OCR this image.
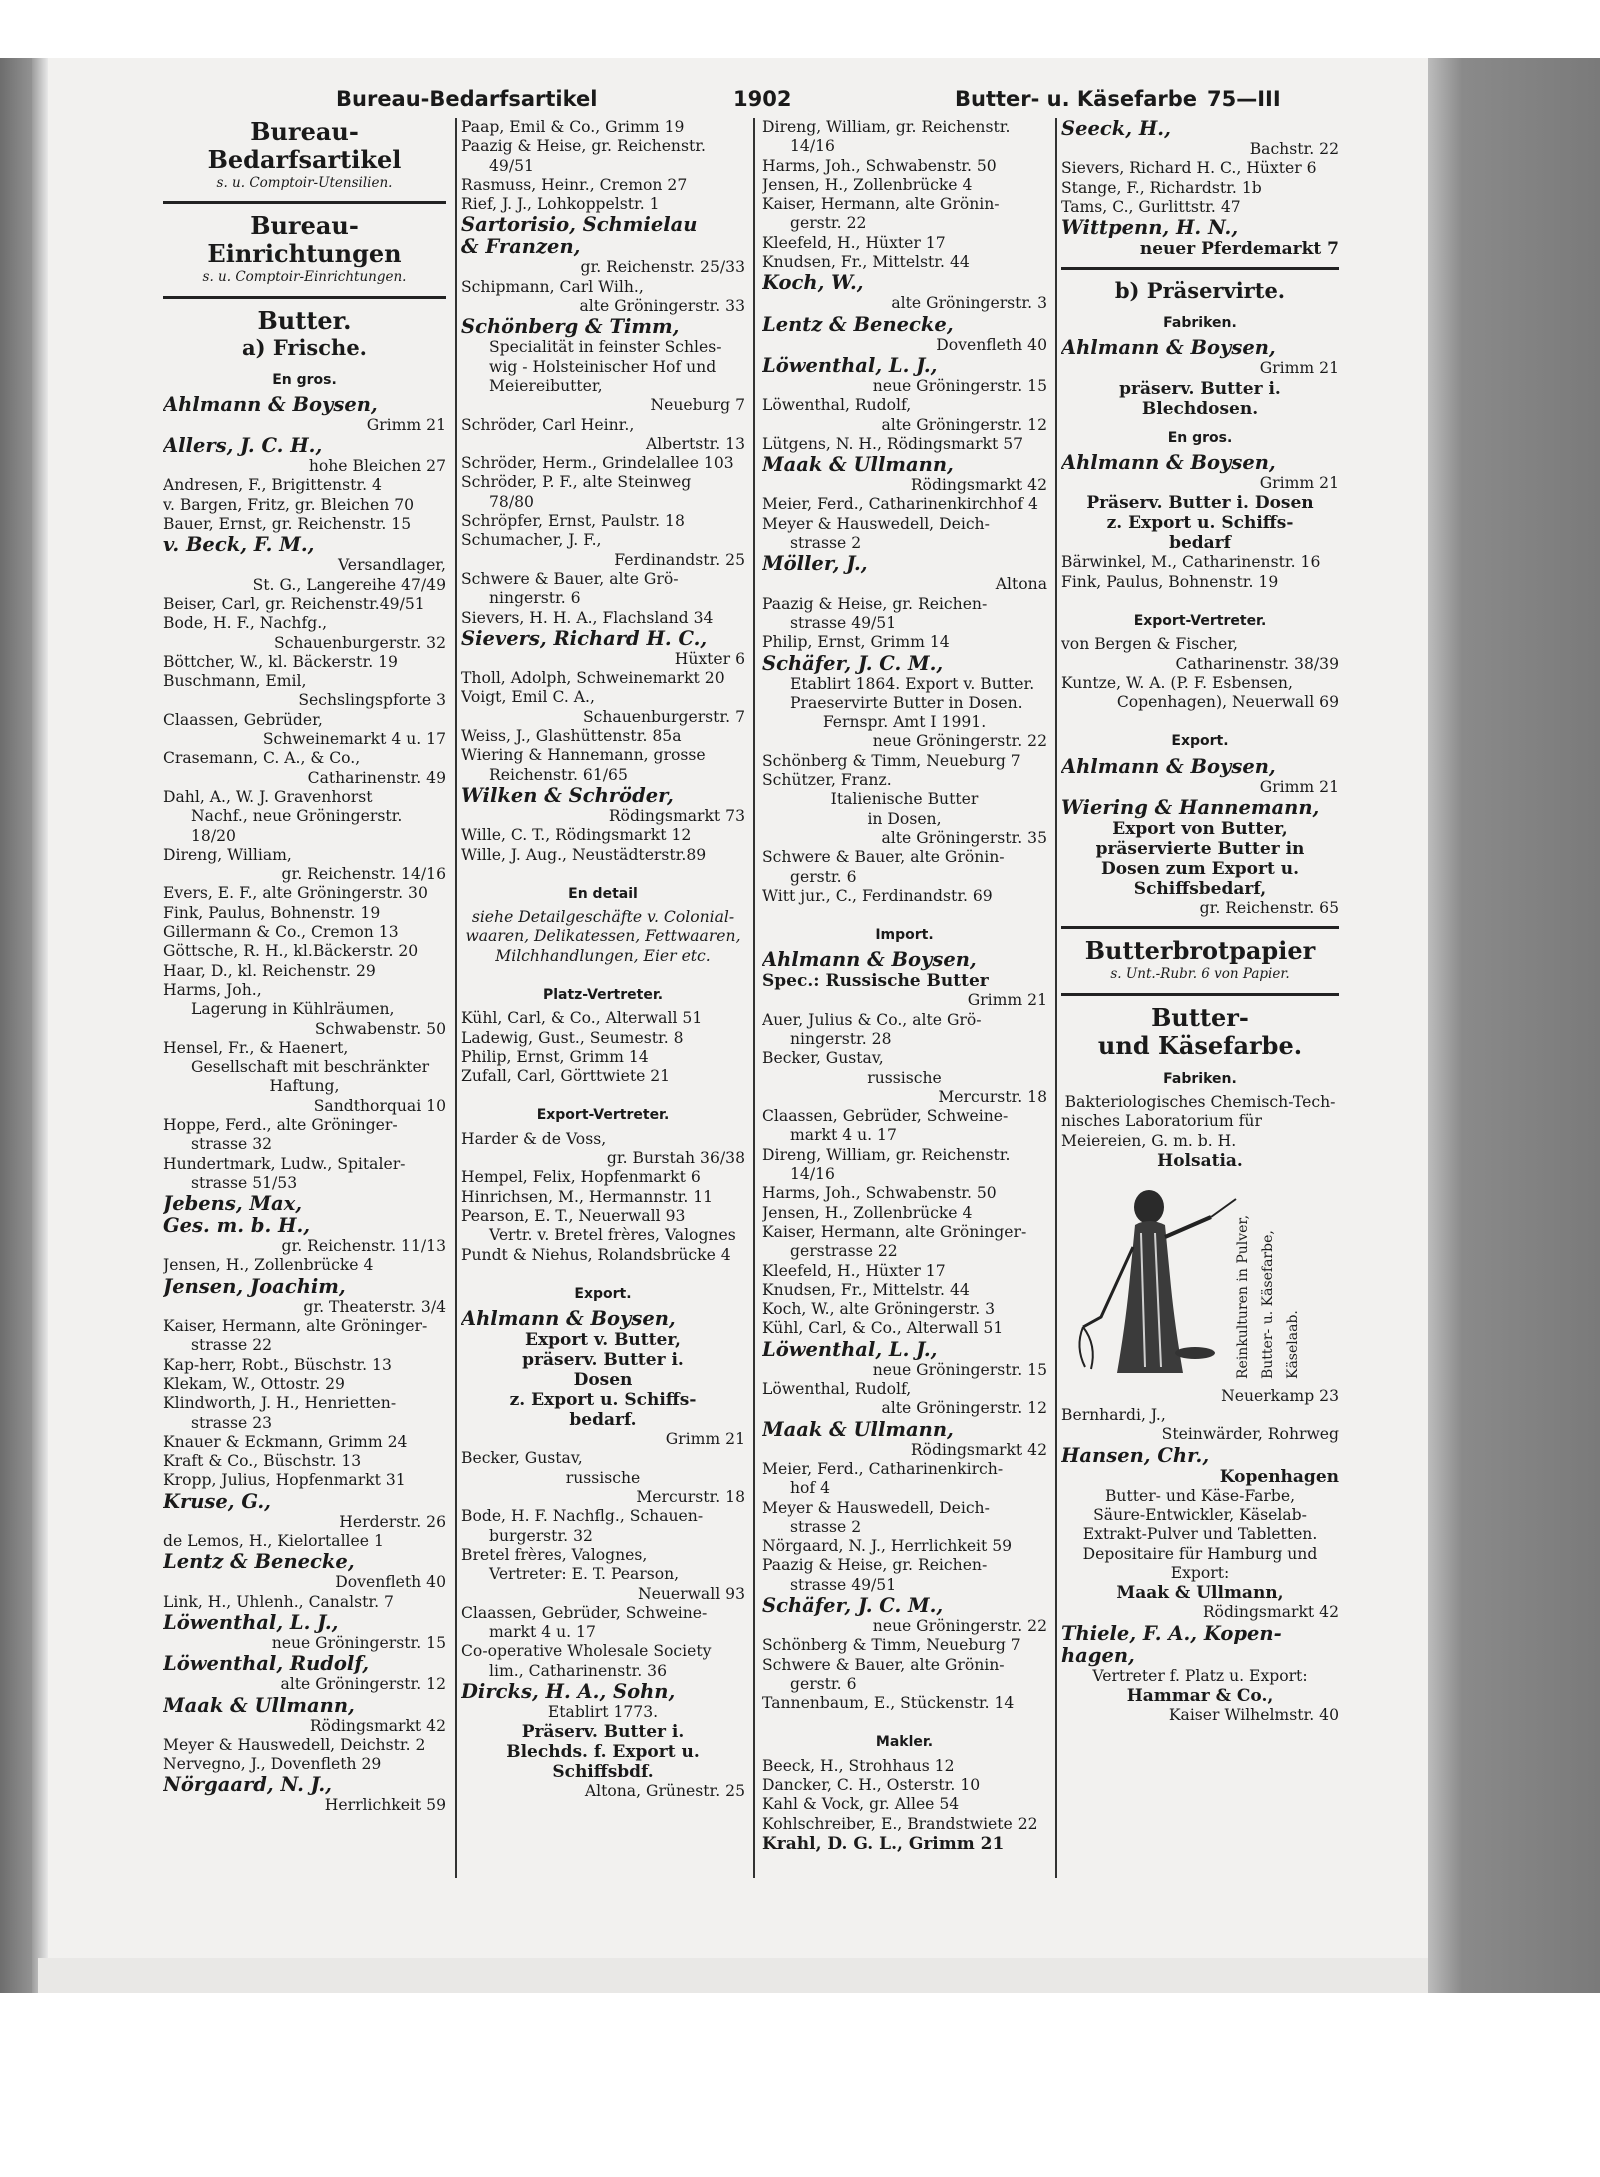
Bureau-Bedarfsartikel	1902	Butter- u. Käsefarbe 75—III
Bureau-
Bedarfsartikel
s. u. Comptoir-Utensilien.
Bureau-
Einrichtungen
s. u. Comptoir-Einrichtungen.
Butter.
a) Frische.
En gros.
Ahlmann & Boysen,
Grimm 21
Allers, J. C. H.,
hohe Bleichen 27
Andresen, F., Brigittenstr. 4
v. Bargen, Fritz, gr. Bleichen 70
Bauer, Ernst, gr. Reichenstr. 15
v. Beck, F. M.,
Versandlager,
St. G., Langereihe 47/49
Beiser, Carl, gr. Reichenstr.49/51
Bode, H. F., Nachfg.,
Schauenburgerstr. 32
Böttcher, W., kl. Bäckerstr. 19
Buschmann, Emil,
Sechslingspforte 3
Claassen, Gebrüder,
Schweinemarkt 4 u. 17
Crasemann, C. A., & Co.,
Catharinenstr. 49
Dahl, A., W. J. Gravenhorst
Nachf., neue Gröningerstr.
18/20
Direng, William,
gr. Reichenstr. 14/16
Evers, E. F., alte Gröningerstr. 30
Fink, Paulus, Bohnenstr. 19
Gillermann & Co., Cremon 13
Göttsche, R. H., kl.Bäckerstr. 20
Haar, D., kl. Reichenstr. 29
Harms, Joh.,
Lagerung in Kühlräumen,
Schwabenstr. 50
Hensel, Fr., & Haenert,
Gesellschaft mit beschränkter
Haftung,
Sandthorquai 10
Hoppe, Ferd., alte Gröninger-
strasse 32
Hundertmark, Ludw., Spitaler-
strasse 51/53
Jebens, Max,
Ges. m. b. H.,
gr. Reichenstr. 11/13
Jensen, H., Zollenbrücke 4
Jensen, Joachim,
gr. Theaterstr. 3/4
Kaiser, Hermann, alte Gröninger-
strasse 22
Kap-herr, Robt., Büschstr. 13
Klekam, W., Ottostr. 29
Klindworth, J. H., Henrietten-
strasse 23
Knauer & Eckmann, Grimm 24
Kraft & Co., Büschstr. 13
Kropp, Julius, Hopfenmarkt 31
Kruse, G.,
Herderstr. 26
de Lemos, H., Kielortallee 1
Lentz & Benecke,
Dovenfleth 40
Link, H., Uhlenh., Canalstr. 7
Löwenthal, L. J.,
neue Gröningerstr. 15
Löwenthal, Rudolf,
alte Gröningerstr. 12
Maak & Ullmann,
Rödingsmarkt 42
Meyer & Hauswedell, Deichstr. 2
Nervegno, J., Dovenfleth 29
Nörgaard, N. J.,
Herrlichkeit 59
Paap, Emil & Co., Grimm 19
Paazig & Heise, gr. Reichenstr.
49/51
Rasmuss, Heinr., Cremon 27
Rief, J. J., Lohkoppelstr. 1
Sartorisio, Schmielau
& Franzen,
gr. Reichenstr. 25/33
Schipmann, Carl Wilh.,
alte Gröningerstr. 33
Schönberg & Timm,
Specialität in feinster Schles-
wig - Holsteinischer Hof und
Meiereibutter,
Neueburg 7
Schröder, Carl Heinr.,
Albertstr. 13
Schröder, Herm., Grindelallee 103
Schröder, P. F., alte Steinweg
78/80
Schröpfer, Ernst, Paulstr. 18
Schumacher, J. F.,
Ferdinandstr. 25
Schwere & Bauer, alte Grö-
ningerstr. 6
Sievers, H. H. A., Flachsland 34
Sievers, Richard H. C.,
Hüxter 6
Tholl, Adolph, Schweinemarkt 20
Voigt, Emil C. A.,
Schauenburgerstr. 7
Weiss, J., Glashüttenstr. 85a
Wiering & Hannemann, grosse
Reichenstr. 61/65
Wilken & Schröder,
Rödingsmarkt 73
Wille, C. T., Rödingsmarkt 12
Wille, J. Aug., Neustädterstr.89
En detail
siehe Detailgeschäfte v. Colonial-
waaren, Delikatessen, Fettwaaren,
Milchhandlungen, Eier etc.
Platz-Vertreter.
Kühl, Carl, & Co., Alterwall 51
Ladewig, Gust., Seumestr. 8
Philip, Ernst, Grimm 14
Zufall, Carl, Görttwiete 21
Export-Vertreter.
Harder & de Voss,
gr. Burstah 36/38
Hempel, Felix, Hopfenmarkt 6
Hinrichsen, M., Hermannstr. 11
Pearson, E. T., Neuerwall 93
Vertr. v. Bretel frères, Valognes
Pundt & Niehus, Rolandsbrücke 4
Export.
Ahlmann & Boysen,
Export v. Butter,
präserv. Butter i.
Dosen
z. Export u. Schiffs-
bedarf.
Grimm 21
Becker, Gustav,
russische
Mercurstr. 18
Bode, H. F. Nachflg., Schauen-
burgerstr. 32
Bretel frères, Valognes,
Vertreter: E. T. Pearson,
Neuerwall 93
Claassen, Gebrüder, Schweine-
markt 4 u. 17
Co-operative Wholesale Society
lim., Catharinenstr. 36
Dircks, H. A., Sohn,
Etablirt 1773.
Präserv. Butter i.
Blechds. f. Export u.
Schiffsbdf.
Altona, Grünestr. 25
Direng, William, gr. Reichenstr.
14/16
Harms, Joh., Schwabenstr. 50
Jensen, H., Zollenbrücke 4
Kaiser, Hermann, alte Grönin-
gerstr. 22
Kleefeld, H., Hüxter 17
Knudsen, Fr., Mittelstr. 44
Koch, W.,
alte Gröningerstr. 3
Lentz & Benecke,
Dovenfleth 40
Löwenthal, L. J.,
neue Gröningerstr. 15
Löwenthal, Rudolf,
alte Gröningerstr. 12
Lütgens, N. H., Rödingsmarkt 57
Maak & Ullmann,
Rödingsmarkt 42
Meier, Ferd., Catharinenkirchhof 4
Meyer & Hauswedell, Deich-
strasse 2
Möller, J.,
Altona
Paazig & Heise, gr. Reichen-
strasse 49/51
Philip, Ernst, Grimm 14
Schäfer, J. C. M.,
Etablirt 1864. Export v. Butter.
Praeservirte Butter in Dosen.
Fernspr. Amt I 1991.
neue Gröningerstr. 22
Schönberg & Timm, Neueburg 7
Schützer, Franz.
Italienische Butter
in Dosen,
alte Gröningerstr. 35
Schwere & Bauer, alte Grönin-
gerstr. 6
Witt jur., C., Ferdinandstr. 69
Import.
Ahlmann & Boysen,
Spec.: Russische Butter
Grimm 21
Auer, Julius & Co., alte Grö-
ningerstr. 28
Becker, Gustav,
russische
Mercurstr. 18
Claassen, Gebrüder, Schweine-
markt 4 u. 17
Direng, William, gr. Reichenstr.
14/16
Harms, Joh., Schwabenstr. 50
Jensen, H., Zollenbrücke 4
Kaiser, Hermann, alte Gröninger-
gerstrasse 22
Kleefeld, H., Hüxter 17
Knudsen, Fr., Mittelstr. 44
Koch, W., alte Gröningerstr. 3
Kühl, Carl, & Co., Alterwall 51
Löwenthal, L. J.,
neue Gröningerstr. 15
Löwenthal, Rudolf,
alte Gröningerstr. 12
Maak & Ullmann,
Rödingsmarkt 42
Meier, Ferd., Catharinenkirch-
hof 4
Meyer & Hauswedell, Deich-
strasse 2
Nörgaard, N. J., Herrlichkeit 59
Paazig & Heise, gr. Reichen-
strasse 49/51
Schäfer, J. C. M.,
neue Gröningerstr. 22
Schönberg & Timm, Neueburg 7
Schwere & Bauer, alte Grönin-
gerstr. 6
Tannenbaum, E., Stückenstr. 14
Makler.
Beeck, H., Strohhaus 12
Dancker, C. H., Osterstr. 10
Kahl & Vock, gr. Allee 54
Kohlschreiber, E., Brandstwiete 22
Krahl, D. G. L., Grimm 21
Seeck, H.,
Bachstr. 22
Sievers, Richard H. C., Hüxter 6
Stange, F., Richardstr. 1b
Tams, C., Gurlittstr. 47
Wittpenn, H. N.,
neuer Pferdemarkt 7
b) Präservirte.
Fabriken.
Ahlmann & Boysen,
Grimm 21
präserv. Butter i.
Blechdosen.
En gros.
Ahlmann & Boysen,
Grimm 21
Präserv. Butter i. Dosen
z. Export u. Schiffs-
bedarf
Bärwinkel, M., Catharinenstr. 16
Fink, Paulus, Bohnenstr. 19
Export-Vertreter.
von Bergen & Fischer,
Catharinenstr. 38/39
Kuntze, W. A. (P. F. Esbensen,
Copenhagen), Neuerwall 69
Export.
Ahlmann & Boysen,
Grimm 21
Wiering & Hannemann,
Export von Butter,
präservierte Butter in
Dosen zum Export u.
Schiffsbedarf,
gr. Reichenstr. 65
Butterbrotpapier
s. Unt.-Rubr. 6 von Papier.
Butter-
und Käsefarbe.
Fabriken.
Bakteriologisches Chemisch-Tech-
nisches Laboratorium für
Meiereien, G. m. b. H.
Holsatia.
Reinkulturen in Pulver, Butter- u. Käsefarbe, Käselaab.
Neuerkamp 23
Bernhardi, J.,
Steinwärder, Rohrweg
Hansen, Chr.,
Kopenhagen
Butter- und Käse-Farbe,
Säure-Entwickler, Käselab-
Extrakt-Pulver und Tabletten.
Depositaire für Hamburg und
Export:
Maak & Ullmann,
Rödingsmarkt 42
Thiele, F. A., Kopen-
hagen,
Vertreter f. Platz u. Export:
Hammar & Co.,
Kaiser Wilhelmstr. 40
